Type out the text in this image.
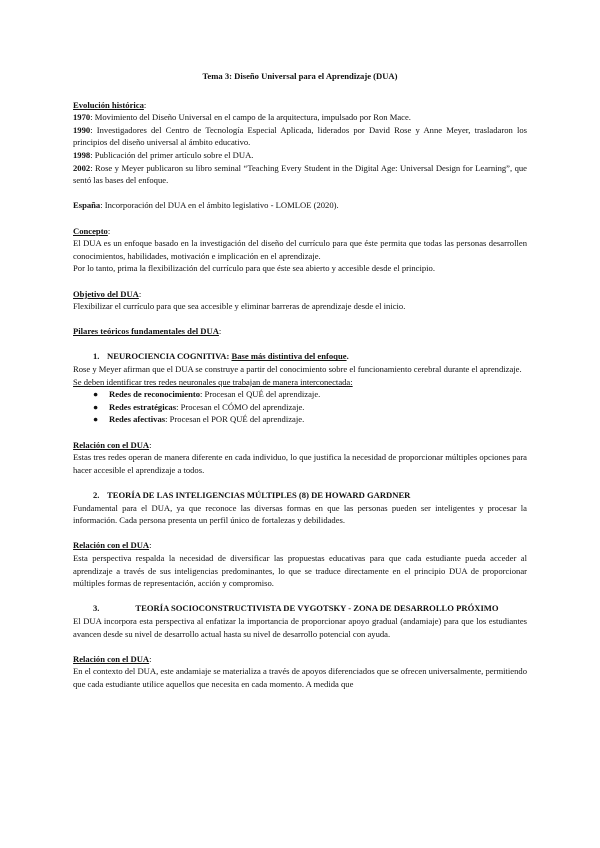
Tema 3: Diseño Universal para el Aprendizaje (DUA)

Evolución histórica:

1970: Movimiento del Diseño Universal en el campo de la arquitectura, impulsado por Ron Mace.

1990: Investigadores del Centro de Tecnología Especial Aplicada, liderados por David Rose y Anne Meyer, trasladaron los principios del diseño universal al ámbito educativo.

1998: Publicación del primer artículo sobre el DUA.

2002: Rose y Meyer publicaron su libro seminal “Teaching Every Student in the Digital Age: Universal Design for Learning”, que sentó las bases del enfoque.

España: Incorporación del DUA en el ámbito legislativo - LOMLOE (2020).

Concepto:

El DUA es un enfoque basado en la investigación del diseño del currículo para que éste permita que todas las personas desarrollen conocimientos, habilidades, motivación e implicación en el aprendizaje.

Por lo tanto, prima la flexibilización del currículo para que éste sea abierto y accesible desde el principio.

Objetivo del DUA:

Flexibilizar el currículo para que sea accesible y eliminar barreras de aprendizaje desde el inicio.

Pilares teóricos fundamentales del DUA:

1. NEUROCIENCIA COGNITIVA: Base más distintiva del enfoque.

Rose y Meyer afirman que el DUA se construye a partir del conocimiento sobre el funcionamiento cerebral durante el aprendizaje.

Se deben identificar tres redes neuronales que trabajan de manera interconectada:

●	Redes de reconocimiento: Procesan el QUÉ del aprendizaje.
●	Redes estratégicas: Procesan el CÓMO del aprendizaje.
●	Redes afectivas: Procesan el POR QUÉ del aprendizaje.

Relación con el DUA:

Estas tres redes operan de manera diferente en cada individuo, lo que justifica la necesidad de proporcionar múltiples opciones para hacer accesible el aprendizaje a todos.

2. TEORÍA DE LAS INTELIGENCIAS MÚLTIPLES (8) DE HOWARD GARDNER

Fundamental para el DUA, ya que reconoce las diversas formas en que las personas pueden ser inteligentes y procesar la información. Cada persona presenta un perfil único de fortalezas y debilidades.

Relación con el DUA:

Esta perspectiva respalda la necesidad de diversificar las propuestas educativas para que cada estudiante pueda acceder al aprendizaje a través de sus inteligencias predominantes, lo que se traduce directamente en el principio DUA de proporcionar múltiples formas de representación, acción y compromiso.

3.	TEORÍA SOCIOCONSTRUCTIVISTA DE VYGOTSKY - ZONA DE DESARROLLO PRÓXIMO

El DUA incorpora esta perspectiva al enfatizar la importancia de proporcionar apoyo gradual (andamiaje) para que los estudiantes avancen desde su nivel de desarrollo actual hasta su nivel de desarrollo potencial con ayuda.

Relación con el DUA:

En el contexto del DUA, este andamiaje se materializa a través de apoyos diferenciados que se ofrecen universalmente, permitiendo que cada estudiante utilice aquellos que necesita en cada momento. A medida que
